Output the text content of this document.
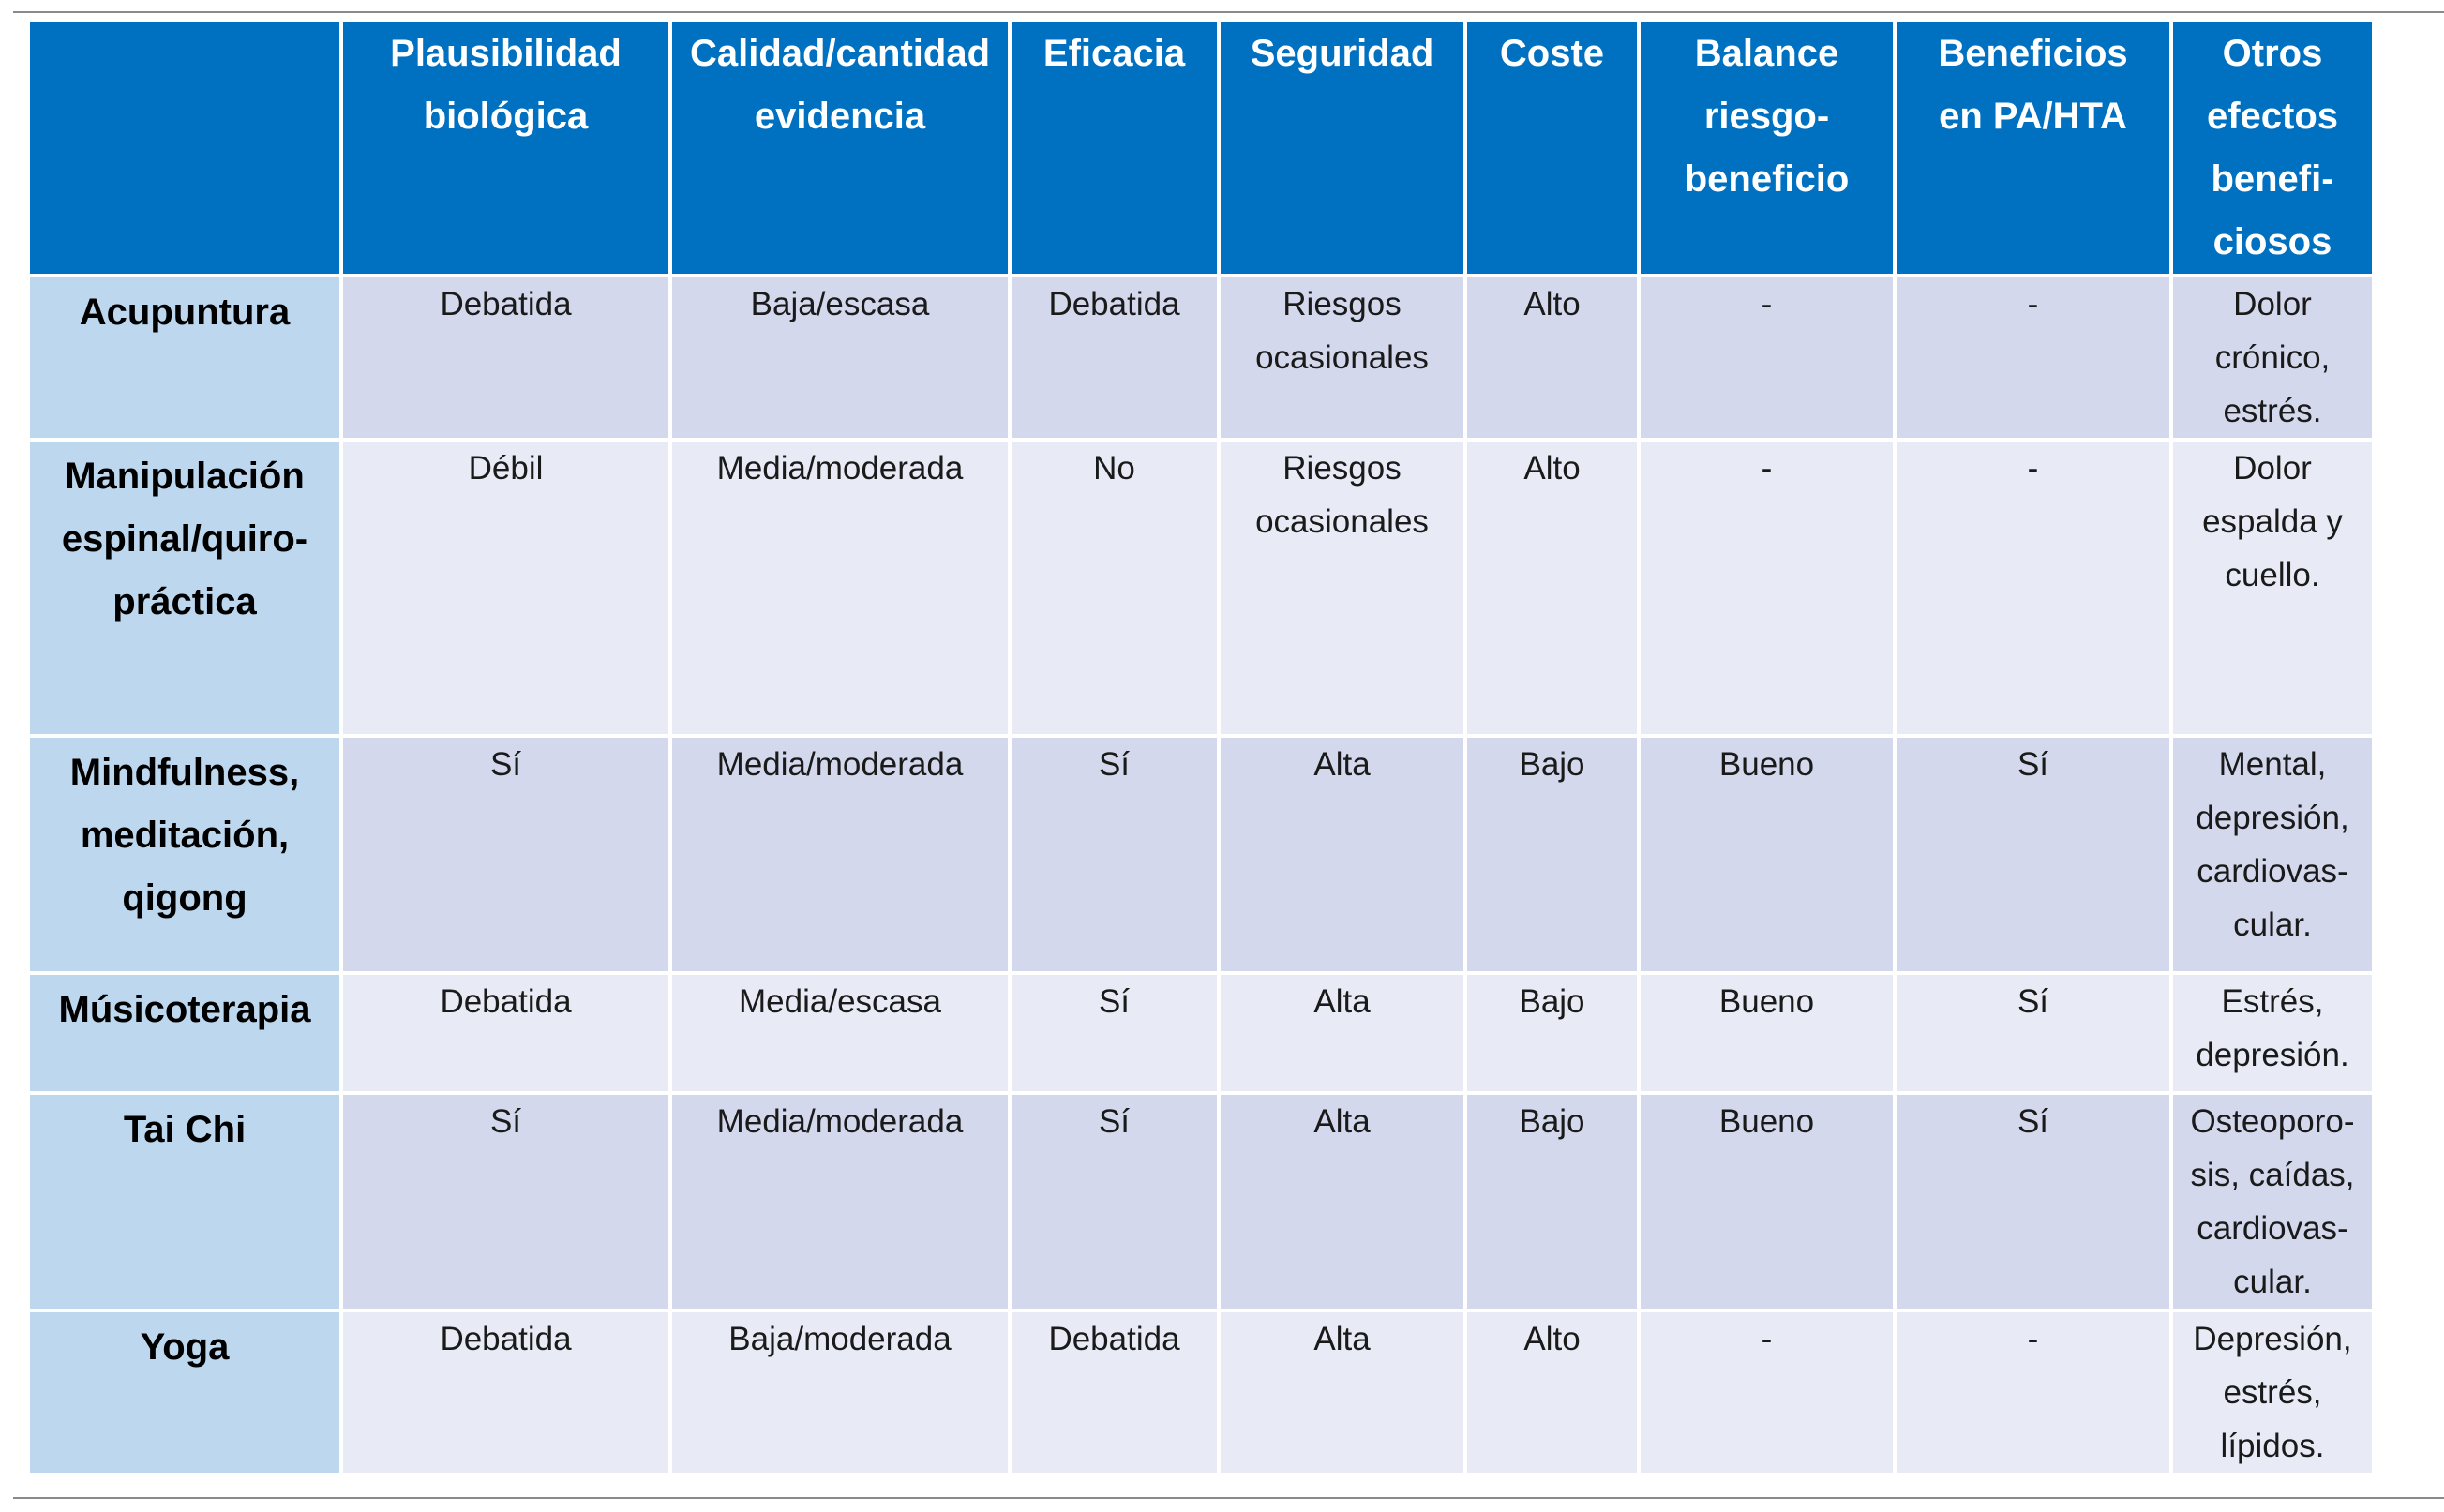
	Plausibilidad
biológica	Calidad/cantidad
evidencia	Eficacia	Seguridad	Coste	Balance
riesgo-
beneficio	Beneficios
en PA/HTA	Otros
efectos
benefi-
ciosos
Acupuntura	Debatida	Baja/escasa	Debatida	Riesgos
ocasionales	Alto	-	-	Dolor
crónico,
estrés.
Manipulación
espinal/quiro-
práctica	Débil	Media/moderada	No	Riesgos
ocasionales	Alto	-	-	Dolor
espalda y
cuello.
Mindfulness,
meditación,
qigong	Sí	Media/moderada	Sí	Alta	Bajo	Bueno	Sí	Mental,
depresión,
cardiovas-
cular.
Músicoterapia	Debatida	Media/escasa	Sí	Alta	Bajo	Bueno	Sí	Estrés,
depresión.
Tai Chi	Sí	Media/moderada	Sí	Alta	Bajo	Bueno	Sí	Osteoporo-
sis, caídas,
cardiovas-
cular.
Yoga	Debatida	Baja/moderada	Debatida	Alta	Alto	-	-	Depresión,
estrés,
lípidos.
